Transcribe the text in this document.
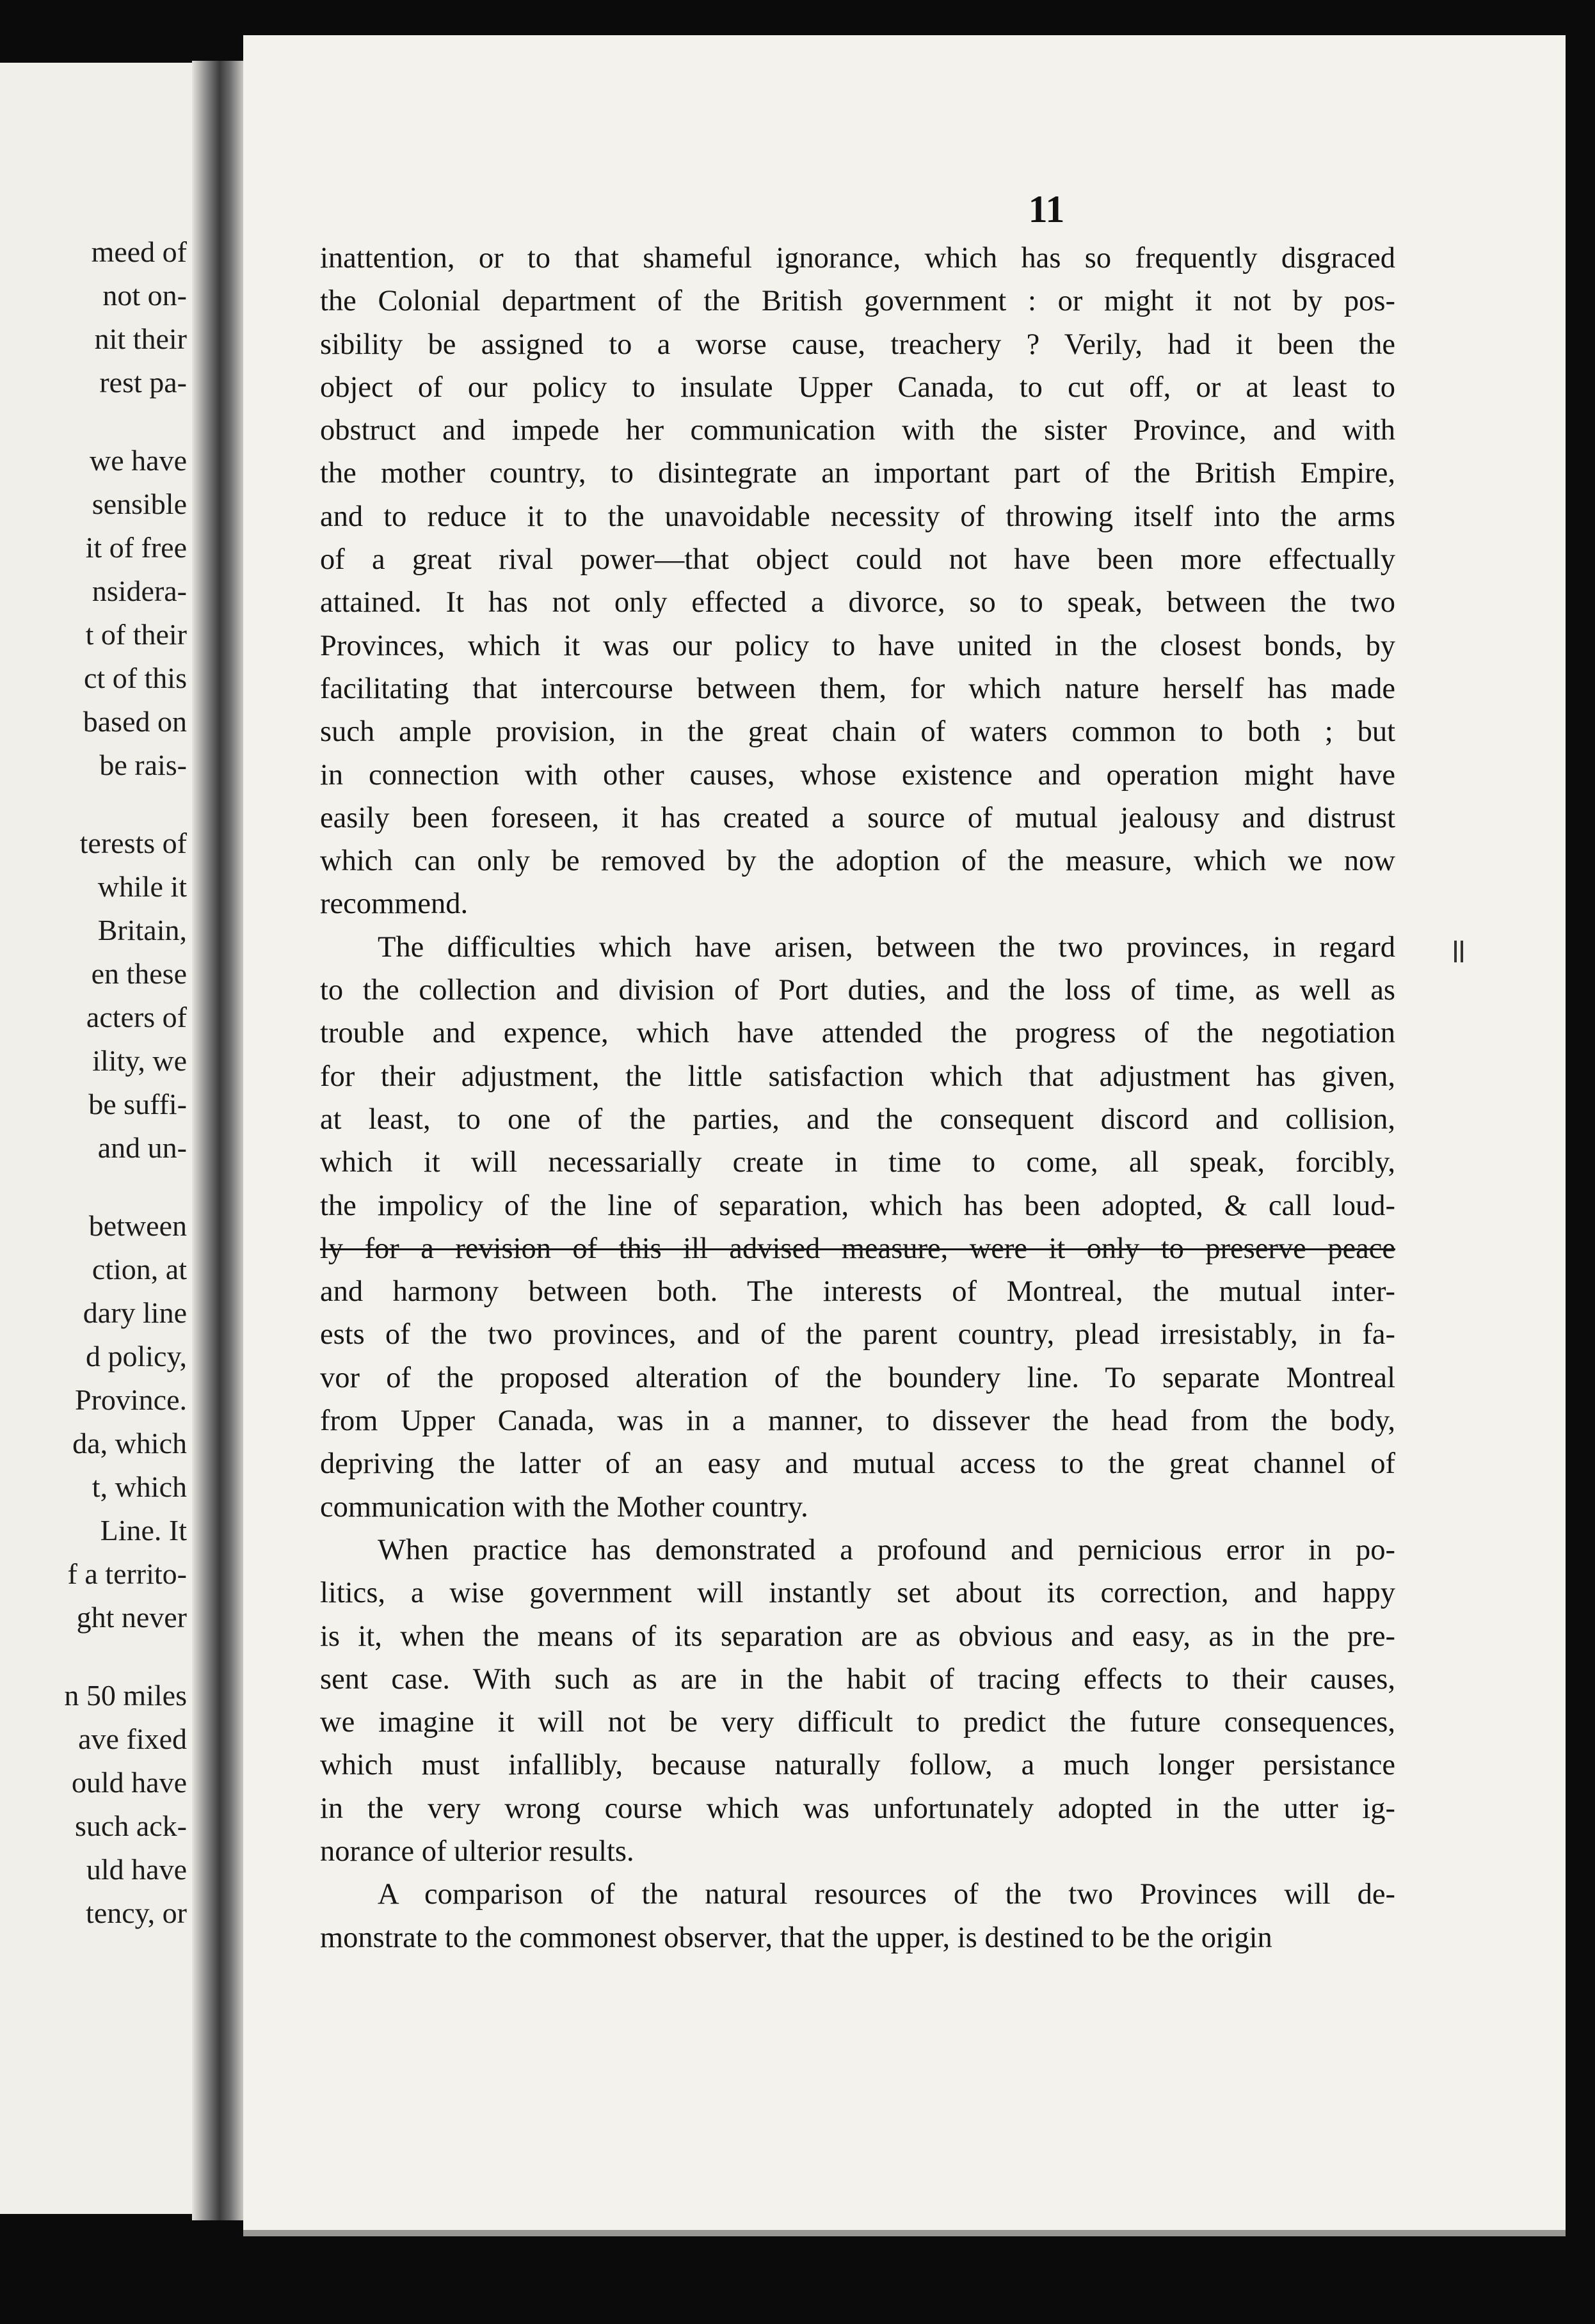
meed of
not on-
nit their
rest pa-
we have
sensible
it of free
nsidera-
t of their
ct of this
based on
be rais-
terests of
while it
Britain,
en these
acters of
ility, we
be suffi-
and un-
between
ction, at
dary line
d policy,
Province.
da, which
t, which
Line. It
f a territo-
ght never
n 50 miles
ave fixed
ould have
such ack-
uld have
tency, or
11
inattention, or to that shameful ignorance, which has so frequently disgraced
the Colonial department of the British government : or might it not by pos-
sibility be assigned to a worse cause, treachery ? Verily, had it been the
object of our policy to insulate Upper Canada, to cut off, or at least to
obstruct and impede her communication with the sister Province, and with
the mother country, to disintegrate an important part of the British Empire,
and to reduce it to the unavoidable necessity of throwing itself into the arms
of a great rival power—that object could not have been more effectually
attained. It has not only effected a divorce, so to speak, between the two
Provinces, which it was our policy to have united in the closest bonds, by
facilitating that intercourse between them, for which nature herself has made
such ample provision, in the great chain of waters common to both ; but
in connection with other causes, whose existence and operation might have
easily been foreseen, it has created a source of mutual jealousy and distrust
which can only be removed by the adoption of the measure, which we now
recommend.
The difficulties which have arisen, between the two provinces, in regard
to the collection and division of Port duties, and the loss of time, as well as
trouble and expence, which have attended the progress of the negotiation
for their adjustment, the little satisfaction which that adjustment has given,
at least, to one of the parties, and the consequent discord and collision,
which it will necessarially create in time to come, all speak, forcibly,
the impolicy of the line of separation, which has been adopted, & call loud-
ly for a revision of this ill advised measure, were it only to preserve peace
and harmony between both. The interests of Montreal, the mutual inter-
ests of the two provinces, and of the parent country, plead irresistably, in fa-
vor of the proposed alteration of the boundery line. To separate Montreal
from Upper Canada, was in a manner, to dissever the head from the body,
depriving the latter of an easy and mutual access to the great channel of
communication with the Mother country.
When practice has demonstrated a profound and pernicious error in po-
litics, a wise government will instantly set about its correction, and happy
is it, when the means of its separation are as obvious and easy, as in the pre-
sent case. With such as are in the habit of tracing effects to their causes,
we imagine it will not be very difficult to predict the future consequences,
which must infallibly, because naturally follow, a much longer persistance
in the very wrong course which was unfortunately adopted in the utter ig-
norance of ulterior results.
A comparison of the natural resources of the two Provinces will de-
monstrate to the commonest observer, that the upper, is destined to be the origin
